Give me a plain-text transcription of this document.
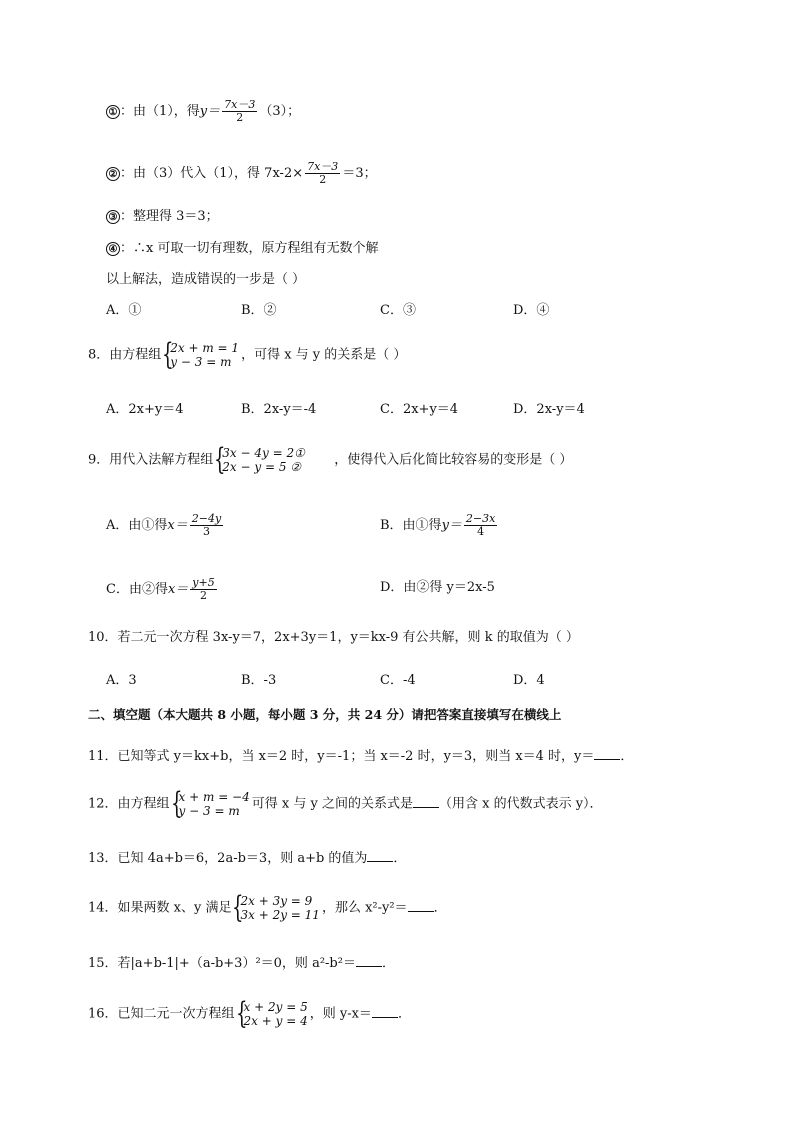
① ：由（1），得$y= \frac{7x-3}{2} (3)$；
② ：由（3）代入（1），得 $7x-2\times \frac{7x-3}{2} =3$；
③ ：整理得 3＝3；
④ ：∴x 可取一切有理数，原方程组有无数个解
以上解法，造成错误的一步是（ ）
A．①	B．②	C．③	D．④
8．由方程组 {
2x + m = 1
y − 3 = m ，可得 x 与 y 的关系是（ ）
A．2x+y＝4	B．2x-y＝-4	C．2x+y＝4	D．2x-y＝4
9．用代入法解方程组 {
3x − 4y = 2①
2x − y = 5 ②	，使得代入后化简比较容易的变形是（ ）
A．由①得$x= \frac{2-4y}{3}$	B．由①得$y= \frac{2-3x}{4}$
C．由②得$x= \frac{y+5}{2}$	D．由②得 y＝2x-5
10．若二元一次方程 3x-y＝7，2x+3y＝1，y＝kx-9 有公共解，则 k 的取值为（ ）
A．3	B．-3	C．-4	D．4
二、填空题（本大题共 8 小题，每小题 3 分，共 24 分）请把答案直接填写在横线上
11．已知等式 y＝kx+b，当 x＝2 时，y＝-1；当 x＝-2 时，y＝3，则当 x＝4 时，y＝ ．
12．由方程组 {
x + m = −4
y − 3 = m 可得 x 与 y 之间的关系式是 （用含 x 的代数式表示 y）．
13．已知 4a+b＝6，2a-b＝3，则 a+b 的值为 ．
14．如果两数 x、y 满足 {
2x + 3y = 9
3x + 2y = 11 ，那么 x²-y²＝ ．
15．若|a+b-1|+（a-b+3）²＝0，则 a²-b²＝ ．
16．已知二元一次方程组 {
x + 2y = 5
2x + y = 4 ，则 y-x＝ ．
